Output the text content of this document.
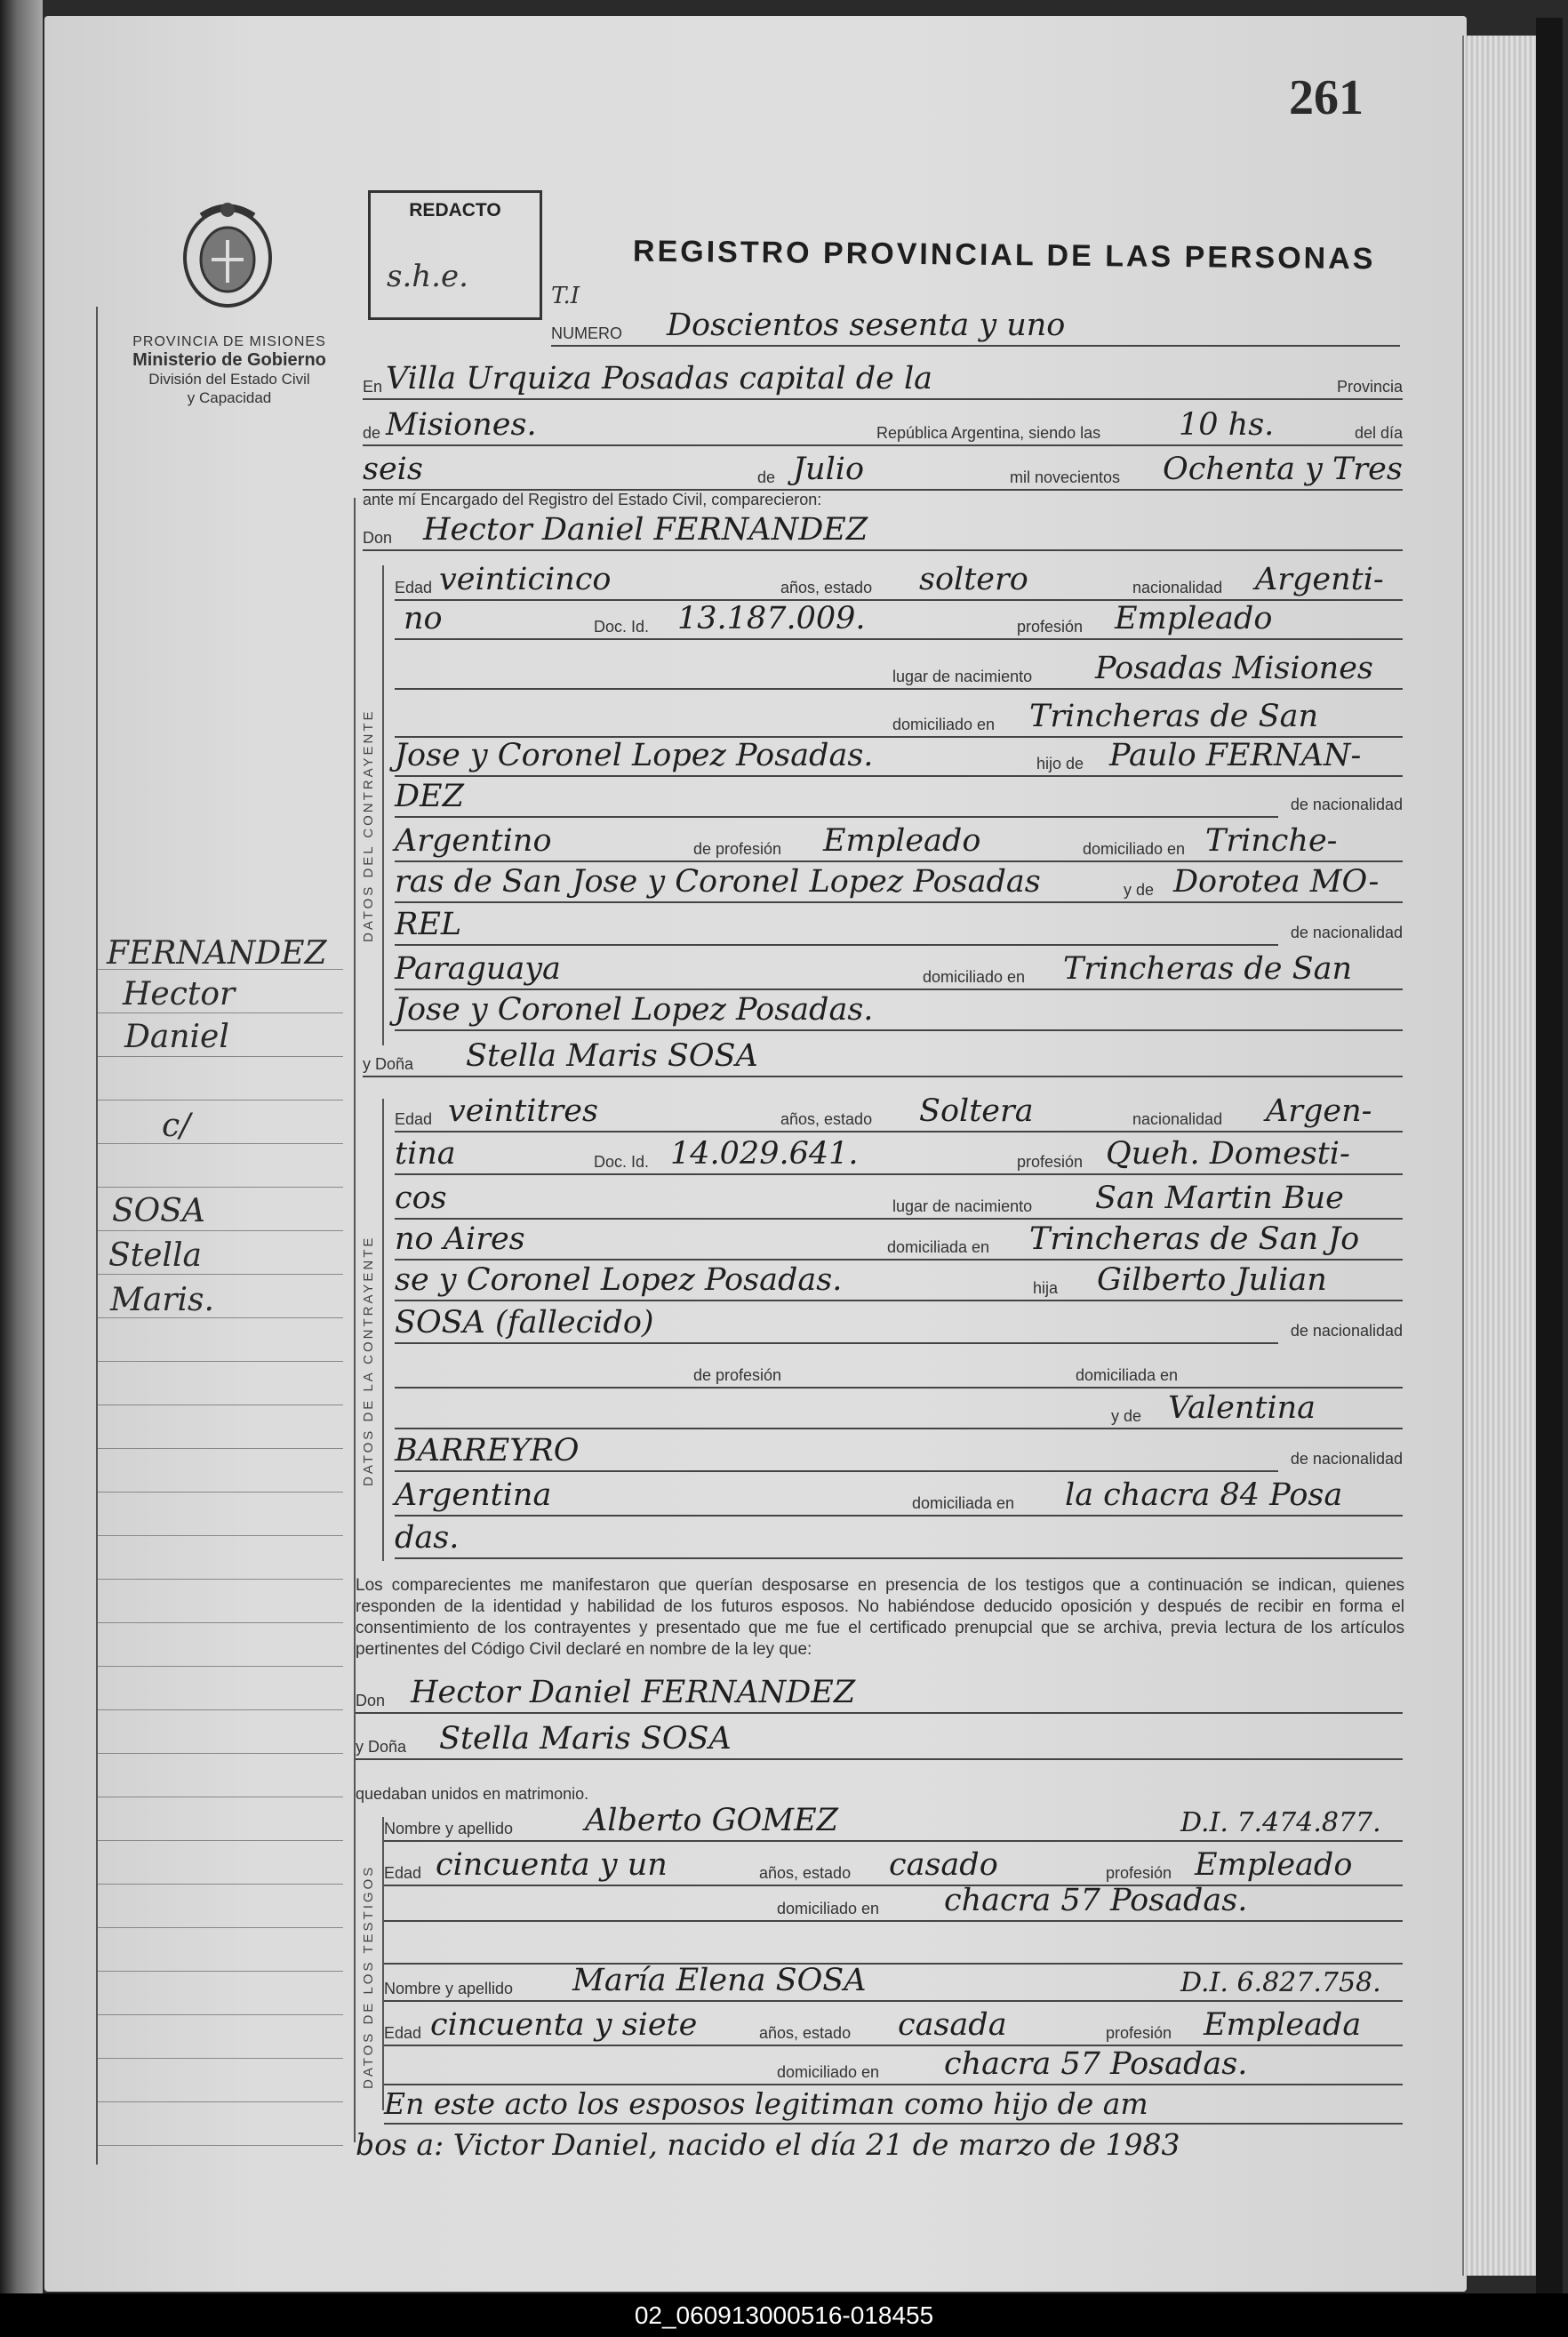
261
REDACTO
s.h.e.
REGISTRO PROVINCIAL DE LAS PERSONAS
T.I
PROVINCIA DE MISIONES
Ministerio de Gobierno
División del Estado Civil
y Capacidad
FERNANDEZ
Hector
Daniel
c/
SOSA
Stella
Maris.
NUMERO Doscientos sesenta y uno
En Villa Urquiza Posadas capital de la	Provincia
de Misiones.	República Argentina, siendo las	10 hs.	del día
seis	de Julio	mil novecientos Ochenta y Tres
ante mí Encargado del Registro del Estado Civil, comparecieron:
Don Hector Daniel FERNANDEZ
DATOS DEL CONTRAYENTE
Edad veinticinco	años, estado soltero	nacionalidad Argenti-
no	Doc. Id. 13.187.009.	profesión Empleado
lugar de nacimiento Posadas Misiones
domiciliado en Trincheras de San
Jose y Coronel Lopez Posadas.	hijo de Paulo FERNAN-
DEZ	de nacionalidad
Argentino	de profesión Empleado	domiciliado en Trinche-
ras de San Jose y Coronel Lopez Posadas	y de Dorotea MO-
REL	de nacionalidad
Paraguaya	domiciliado en Trincheras de San
Jose y Coronel Lopez Posadas.
y Doña Stella Maris SOSA
DATOS DE LA CONTRAYENTE
Edad veintitres	años, estado Soltera	nacionalidad Argen-
tina	Doc. Id. 14.029.641.	profesión Queh. Domesti-
cos	lugar de nacimiento San Martin Bue
no Aires	domiciliada en Trincheras de San Jo
se y Coronel Lopez Posadas.	hija Gilberto Julian
SOSA (fallecido)	de nacionalidad
de profesión	domiciliada en
y de Valentina
BARREYRO	de nacionalidad
Argentina	domiciliada en la chacra 84 Posa
das.
Los comparecientes me manifestaron que querían desposarse en presencia de los testigos que a continuación se indican, quienes responden de la identidad y habilidad de los futuros esposos. No habiéndose deducido oposición y después de recibir en forma el consentimiento de los contrayentes y presentado que me fue el certificado prenupcial que se archiva, previa lectura de los artículos pertinentes del Código Civil declaré en nombre de la ley que:
Don Hector Daniel FERNANDEZ
y Doña Stella Maris SOSA
quedaban unidos en matrimonio.
DATOS DE LOS TESTIGOS
Nombre y apellido Alberto GOMEZ	D.I. 7.474.877.
Edad cincuenta y un	años, estado casado	profesión Empleado
domiciliado en chacra 57 Posadas.
Nombre y apellido María Elena SOSA	D.I. 6.827.758.
Edad cincuenta y siete	años, estado casada	profesión Empleada
domiciliado en chacra 57 Posadas.
En este acto los esposos legitiman como hijo de am
bos a: Victor Daniel, nacido el día 21 de marzo de 1983
02_060913000516-018455
